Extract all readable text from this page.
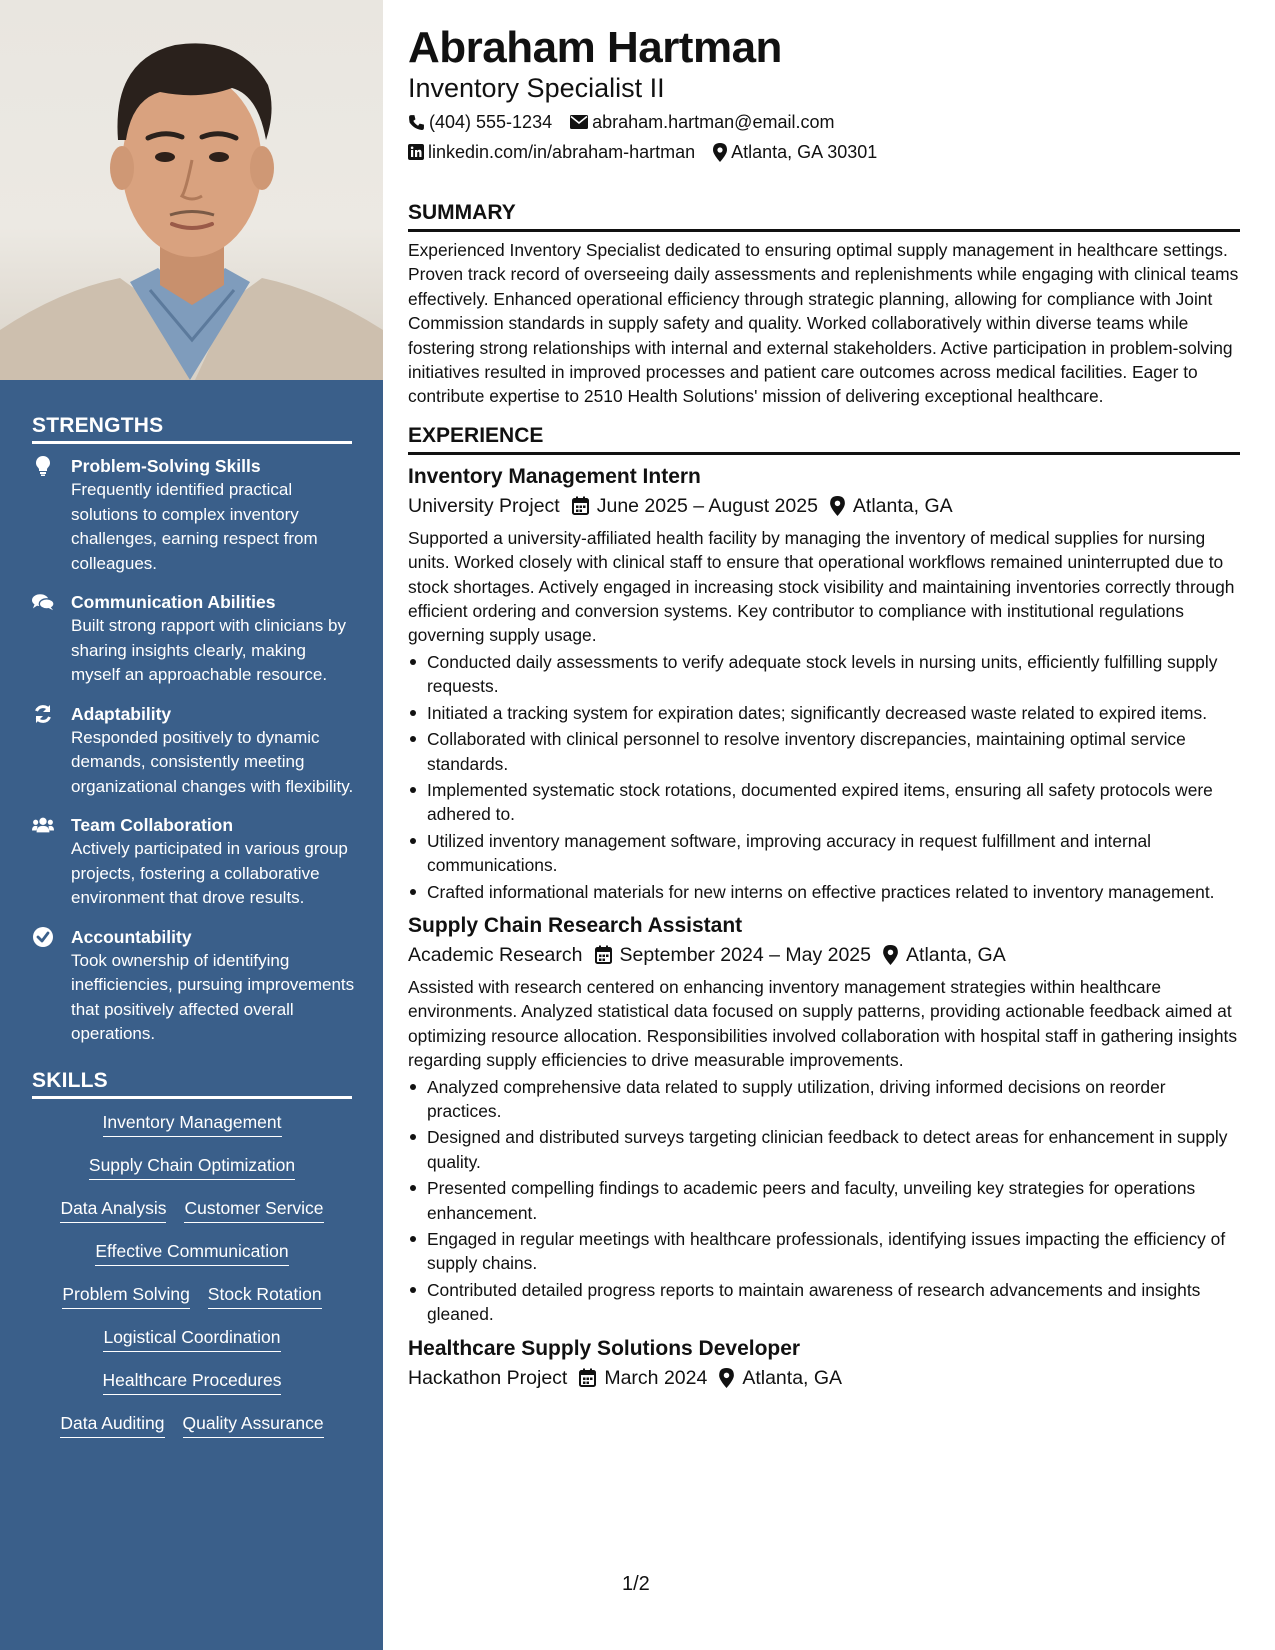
STRENGTHS
Problem-Solving Skills
Frequently identified practical solutions to complex inventory challenges, earning respect from colleagues.
Communication Abilities
Built strong rapport with clinicians by sharing insights clearly, making myself an approachable resource.
Adaptability
Responded positively to dynamic demands, consistently meeting organizational changes with flexibility.
Team Collaboration
Actively participated in various group projects, fostering a collaborative environment that drove results.
Accountability
Took ownership of identifying inefficiencies, pursuing improvements that positively affected overall operations.
SKILLS
Inventory Management
Supply Chain Optimization
Data Analysis Customer Service
Effective Communication
Problem Solving Stock Rotation
Logistical Coordination
Healthcare Procedures
Data Auditing Quality Assurance
Abraham Hartman
Inventory Specialist II
(404) 555-1234 abraham.hartman@email.com
linkedin.com/in/abraham-hartman Atlanta, GA 30301
SUMMARY

Experienced Inventory Specialist dedicated to ensuring optimal supply management in healthcare settings. Proven track record of overseeing daily assessments and replenishments while engaging with clinical teams effectively. Enhanced operational efficiency through strategic planning, allowing for compliance with Joint Commission standards in supply safety and quality. Worked collaboratively within diverse teams while fostering strong relationships with internal and external stakeholders. Active participation in problem-solving initiatives resulted in improved processes and patient care outcomes across medical facilities. Eager to contribute expertise to 2510 Health Solutions' mission of delivering exceptional healthcare.

EXPERIENCE
Inventory Management Intern
University Project June 2025 – August 2025 Atlanta, GA

Supported a university-affiliated health facility by managing the inventory of medical supplies for nursing units. Worked closely with clinical staff to ensure that operational workflows remained uninterrupted due to stock shortages. Actively engaged in increasing stock visibility and maintaining inventories correctly through efficient ordering and conversion systems. Key contributor to compliance with institutional regulations governing supply usage.

Conducted daily assessments to verify adequate stock levels in nursing units, efficiently fulfilling supply requests.
Initiated a tracking system for expiration dates; significantly decreased waste related to expired items.
Collaborated with clinical personnel to resolve inventory discrepancies, maintaining optimal service standards.
Implemented systematic stock rotations, documented expired items, ensuring all safety protocols were adhered to.
Utilized inventory management software, improving accuracy in request fulfillment and internal communications.
Crafted informational materials for new interns on effective practices related to inventory management.
Supply Chain Research Assistant
Academic Research September 2024 – May 2025 Atlanta, GA

Assisted with research centered on enhancing inventory management strategies within healthcare environments. Analyzed statistical data focused on supply patterns, providing actionable feedback aimed at optimizing resource allocation. Responsibilities involved collaboration with hospital staff in gathering insights regarding supply efficiencies to drive measurable improvements.

Analyzed comprehensive data related to supply utilization, driving informed decisions on reorder practices.
Designed and distributed surveys targeting clinician feedback to detect areas for enhancement in supply quality.
Presented compelling findings to academic peers and faculty, unveiling key strategies for operations enhancement.
Engaged in regular meetings with healthcare professionals, identifying issues impacting the efficiency of supply chains.
Contributed detailed progress reports to maintain awareness of research advancements and insights gleaned.
Healthcare Supply Solutions Developer
Hackathon Project March 2024 Atlanta, GA
1/2
